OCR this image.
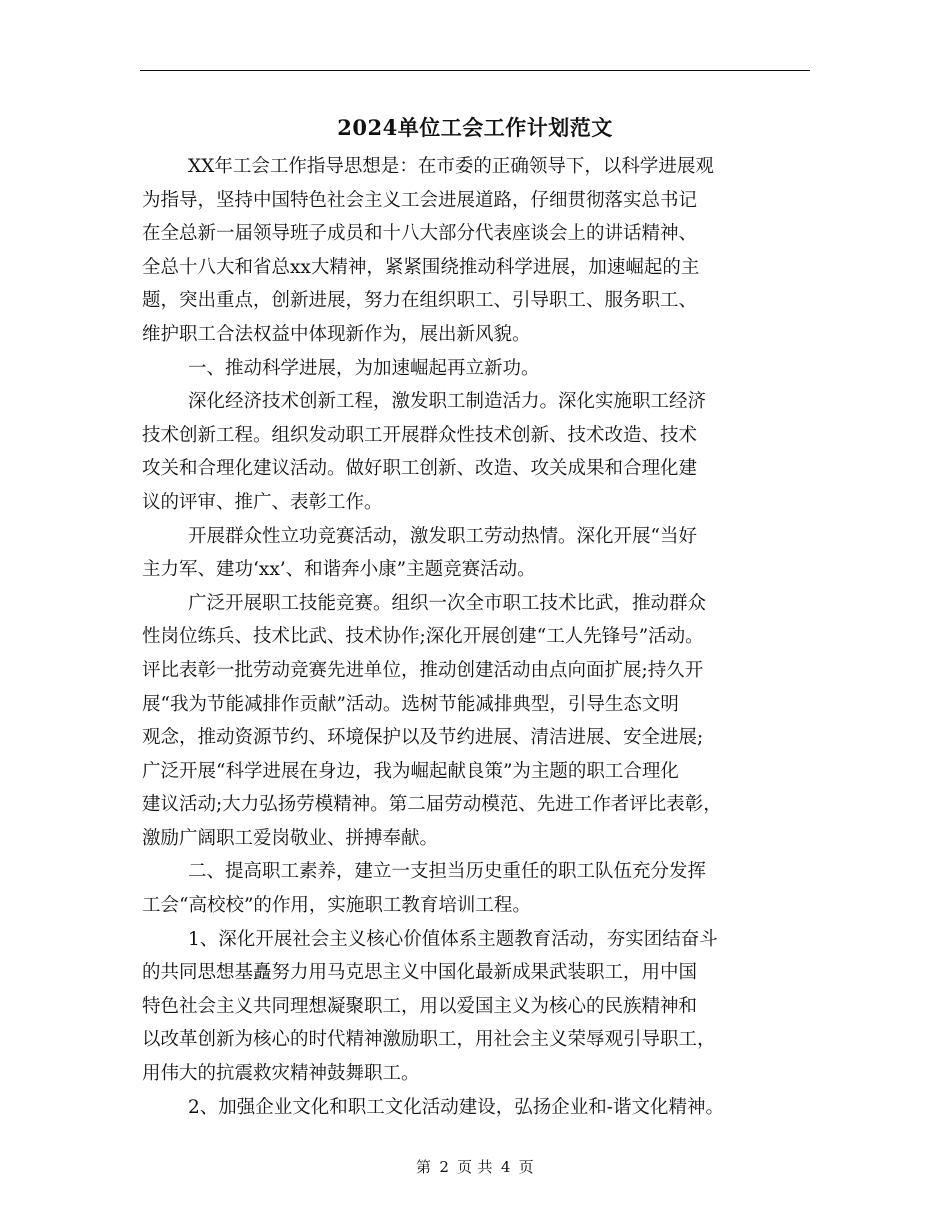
2024单位工会工作计划范文
XX年工会工作指导思想是：在市委的正确领导下，以科学进展观
为指导，坚持中国特色社会主义工会进展道路，仔细贯彻落实总书记
在全总新一届领导班子成员和十八大部分代表座谈会上的讲话精神、
全总十八大和省总xx大精神，紧紧围绕推动科学进展，加速崛起的主
题，突出重点，创新进展，努力在组织职工、引导职工、服务职工、
维护职工合法权益中体现新作为，展出新风貌。
一、推动科学进展，为加速崛起再立新功。
深化经济技术创新工程，激发职工制造活力。深化实施职工经济
技术创新工程。组织发动职工开展群众性技术创新、技术改造、技术
攻关和合理化建议活动。做好职工创新、改造、攻关成果和合理化建
议的评审、推广、表彰工作。
开展群众性立功竞赛活动，激发职工劳动热情。深化开展“当好
主力军、建功‘xx’、和谐奔小康”主题竞赛活动。
广泛开展职工技能竞赛。组织一次全市职工技术比武，推动群众
性岗位练兵、技术比武、技术协作;深化开展创建“工人先锋号”活动。
评比表彰一批劳动竞赛先进单位，推动创建活动由点向面扩展;持久开
展“我为节能减排作贡献”活动。选树节能减排典型，引导生态文明
观念，推动资源节约、环境保护以及节约进展、清洁进展、安全进展;
广泛开展“科学进展在身边，我为崛起献良策”为主题的职工合理化
建议活动;大力弘扬劳模精神。第二届劳动模范、先进工作者评比表彰，
激励广阔职工爱岗敬业、拼搏奉献。
二、提高职工素养，建立一支担当历史重任的职工队伍充分发挥
工会“高校校”的作用，实施职工教育培训工程。
1、深化开展社会主义核心价值体系主题教育活动，夯实团结奋斗
的共同思想基矗努力用马克思主义中国化最新成果武装职工，用中国
特色社会主义共同理想凝聚职工，用以爱国主义为核心的民族精神和
以改革创新为核心的时代精神激励职工，用社会主义荣辱观引导职工，
用伟大的抗震救灾精神鼓舞职工。
2、加强企业文化和职工文化活动建设，弘扬企业和-谐文化精神。
第 2 页 共 4 页
